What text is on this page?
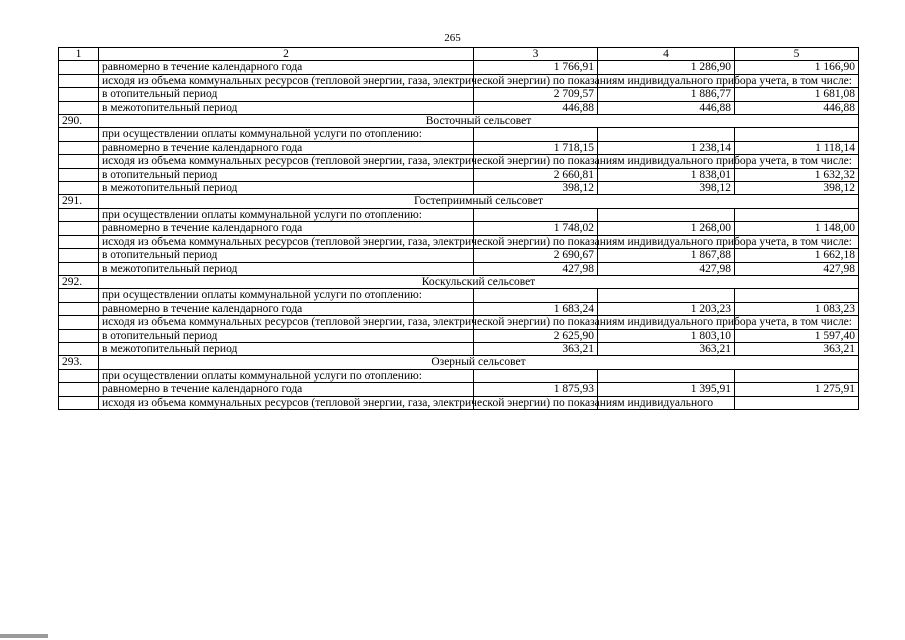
265
1	2	3	4	5
	равномерно в течение календарного года	1 766,91	1 286,90	1 166,90
	исходя из объема коммунальных ресурсов (тепловой энергии, газа, электрической энергии) по показаниям индивидуального прибора учета, в том числе:			
	в отопительный период	2 709,57	1 886,77	1 681,08
	в межотопительный период	446,88	446,88	446,88
290.	Восточный сельсовет			
	при осуществлении оплаты коммунальной услуги по отоплению:			
	равномерно в течение календарного года	1 718,15	1 238,14	1 118,14
	исходя из объема коммунальных ресурсов (тепловой энергии, газа, электрической энергии) по показаниям индивидуального прибора учета, в том числе:			
	в отопительный период	2 660,81	1 838,01	1 632,32
	в межотопительный период	398,12	398,12	398,12
291.	Гостеприимный сельсовет			
	при осуществлении оплаты коммунальной услуги по отоплению:			
	равномерно в течение календарного года	1 748,02	1 268,00	1 148,00
	исходя из объема коммунальных ресурсов (тепловой энергии, газа, электрической энергии) по показаниям индивидуального прибора учета, в том числе:			
	в отопительный период	2 690,67	1 867,88	1 662,18
	в межотопительный период	427,98	427,98	427,98
292.	Коскульский сельсовет			
	при осуществлении оплаты коммунальной услуги по отоплению:			
	равномерно в течение календарного года	1 683,24	1 203,23	1 083,23
	исходя из объема коммунальных ресурсов (тепловой энергии, газа, электрической энергии) по показаниям индивидуального прибора учета, в том числе:			
	в отопительный период	2 625,90	1 803,10	1 597,40
	в межотопительный период	363,21	363,21	363,21
293.	Озерный сельсовет			
	при осуществлении оплаты коммунальной услуги по отоплению:			
	равномерно в течение календарного года	1 875,93	1 395,91	1 275,91
	исходя из объема коммунальных ресурсов (тепловой энергии, газа, электрической энергии) по показаниям индивидуального			
